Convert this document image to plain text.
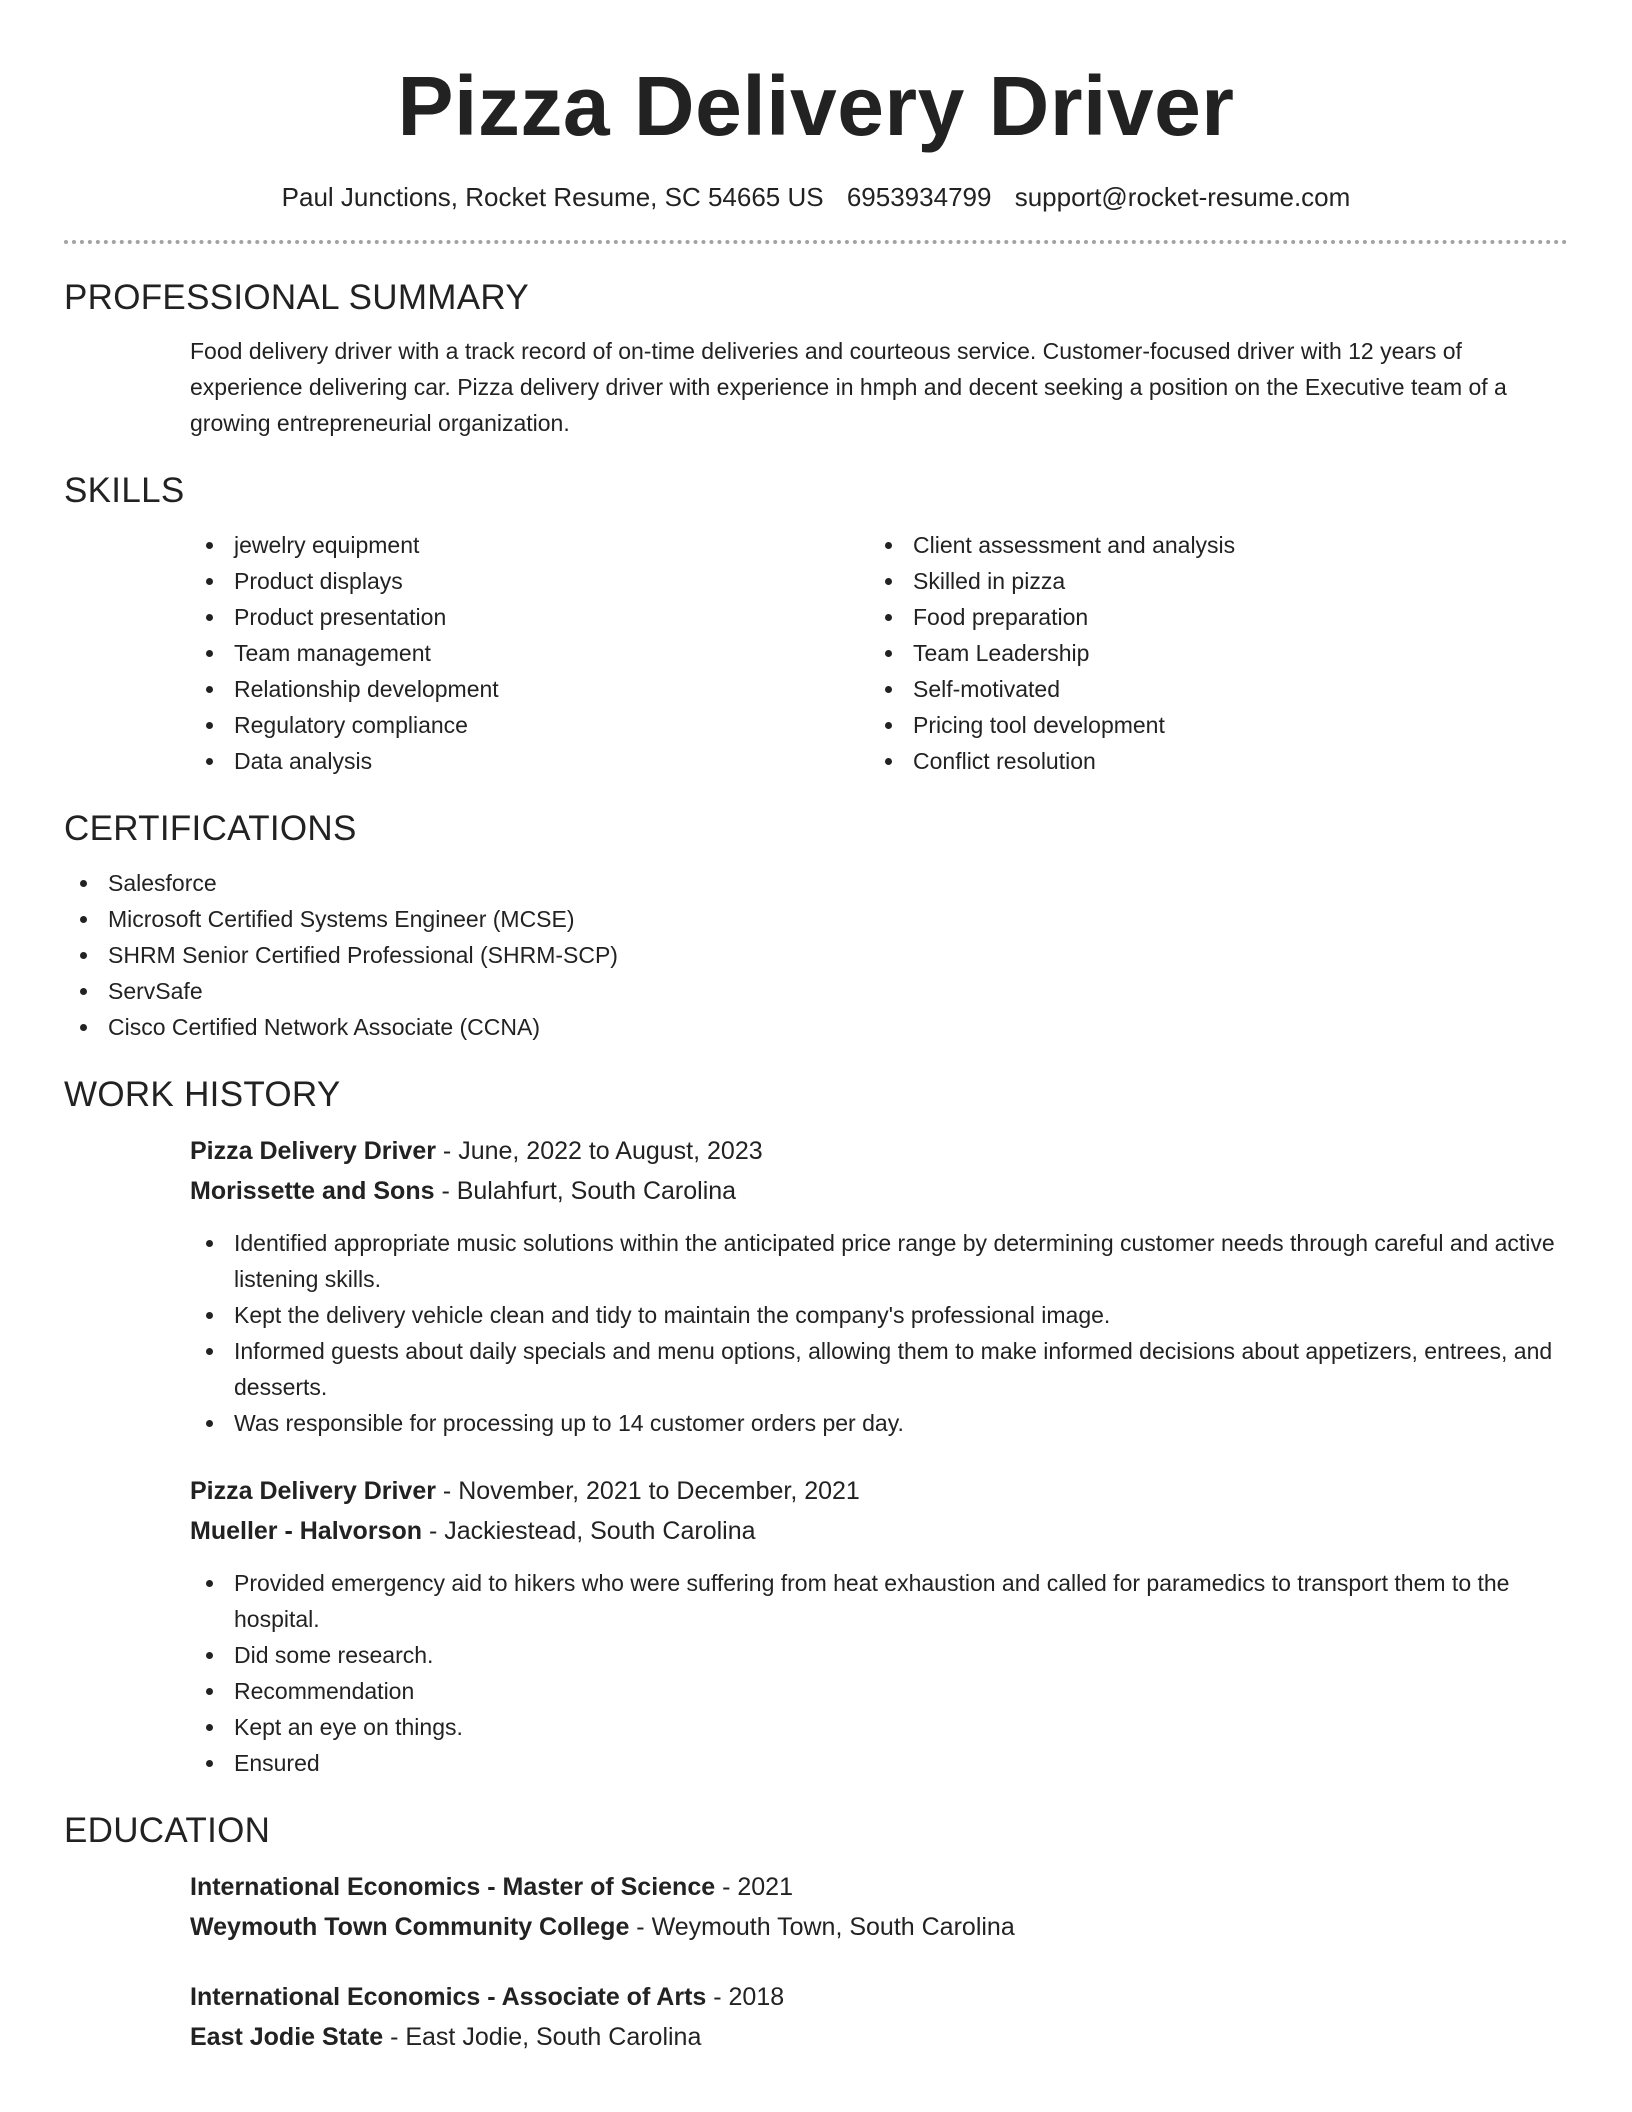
Pizza Delivery Driver
Paul Junctions, Rocket Resume, SC 54665 US 6953934799 support@rocket-resume.com
PROFESSIONAL SUMMARY
Food delivery driver with a track record of on-time deliveries and courteous service. Customer-focused driver with 12 years of experience delivering car. Pizza delivery driver with experience in hmph and decent seeking a position on the Executive team of a growing entrepreneurial organization.
SKILLS
jewelry equipment
Product displays
Product presentation
Team management
Relationship development
Regulatory compliance
Data analysis
Client assessment and analysis
Skilled in pizza
Food preparation
Team Leadership
Self-motivated
Pricing tool development
Conflict resolution
CERTIFICATIONS
Salesforce
Microsoft Certified Systems Engineer (MCSE)
SHRM Senior Certified Professional (SHRM-SCP)
ServSafe
Cisco Certified Network Associate (CCNA)
WORK HISTORY
Pizza Delivery Driver - June, 2022 to August, 2023
Morissette and Sons - Bulahfurt, South Carolina
Identified appropriate music solutions within the anticipated price range by determining customer needs through careful and active listening skills.
Kept the delivery vehicle clean and tidy to maintain the company's professional image.
Informed guests about daily specials and menu options, allowing them to make informed decisions about appetizers, entrees, and desserts.
Was responsible for processing up to 14 customer orders per day.
Pizza Delivery Driver - November, 2021 to December, 2021
Mueller - Halvorson - Jackiestead, South Carolina
Provided emergency aid to hikers who were suffering from heat exhaustion and called for paramedics to transport them to the hospital.
Did some research.
Recommendation
Kept an eye on things.
Ensured
EDUCATION
International Economics - Master of Science - 2021
Weymouth Town Community College - Weymouth Town, South Carolina
International Economics - Associate of Arts - 2018
East Jodie State - East Jodie, South Carolina
